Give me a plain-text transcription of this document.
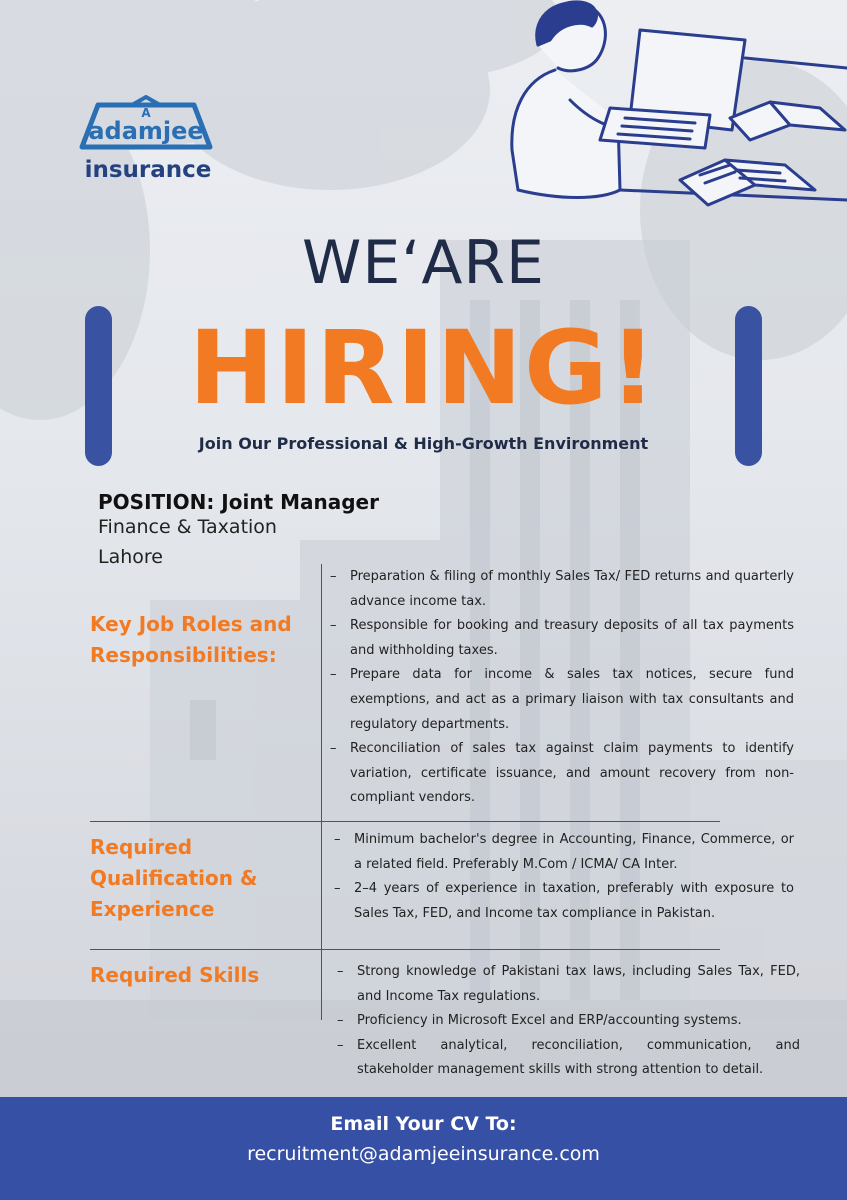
A
adamjee
insurance
WE‘ARE
HIRING!
Join Our Professional & High-Growth Environment
POSITION: Joint Manager
Finance & Taxation
Lahore
Key Job Roles and
Responsibilities:
– Preparation & filing of monthly Sales Tax/ FED returns and quarterly advance income tax.
– Responsible for booking and treasury deposits of all tax payments and withholding taxes.
– Prepare data for income & sales tax notices, secure fund exemptions, and act as a primary liaison with tax consultants and regulatory departments.
– Reconciliation of sales tax against claim payments to identify variation, certificate issuance, and amount recovery from non-compliant vendors.
Required
Qualification &
Experience
– Minimum bachelor's degree in Accounting, Finance, Commerce, or a related field. Preferably M.Com / ICMA/ CA Inter.
– 2–4 years of experience in taxation, preferably with exposure to Sales Tax, FED, and Income tax compliance in Pakistan.
Required Skills
–	Strong knowledge of Pakistani tax laws, including Sales Tax, FED, and Income Tax regulations.
– Proficiency in Microsoft Excel and ERP/accounting systems.
– Excellent analytical, reconciliation, communication, and stakeholder management skills with strong attention to detail.
Email Your CV To:
recruitment@adamjeeinsurance.com
